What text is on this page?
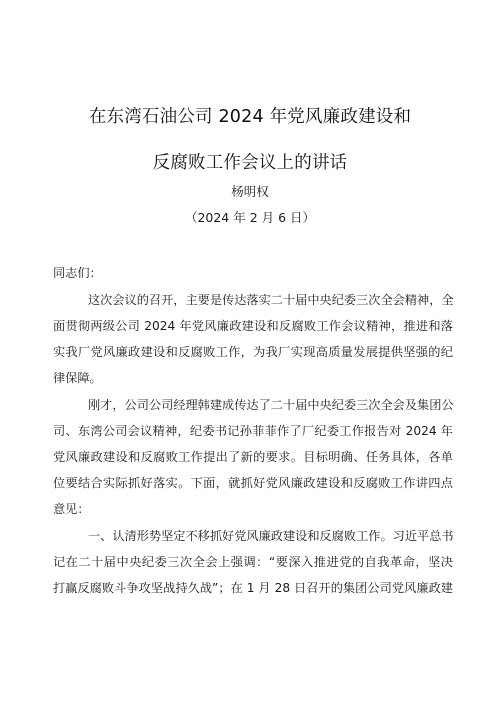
在东湾石油公司 2024 年党风廉政建设和
反腐败工作会议上的讲话
杨明权
（2024 年 2 月 6 日）
同志们：
这次会议的召开，主要是传达落实二十届中央纪委三次全会精神，全
面贯彻两级公司 2024 年党风廉政建设和反腐败工作会议精神，推进和落
实我厂党风廉政建设和反腐败工作，为我厂实现高质量发展提供坚强的纪
律保障。
刚才，公司公司经理韩建成传达了二十届中央纪委三次全会及集团公
司、东湾公司会议精神，纪委书记孙菲菲作了厂纪委工作报告对 2024 年
党风廉政建设和反腐败工作提出了新的要求。目标明确、任务具体，各单
位要结合实际抓好落实。下面，就抓好党风廉政建设和反腐败工作讲四点
意见：
一、认清形势坚定不移抓好党风廉政建设和反腐败工作。习近平总书
记在二十届中央纪委三次全会上强调：“要深入推进党的自我革命，坚决
打赢反腐败斗争攻坚战持久战”；在 1 月 28 日召开的集团公司党风廉政建
